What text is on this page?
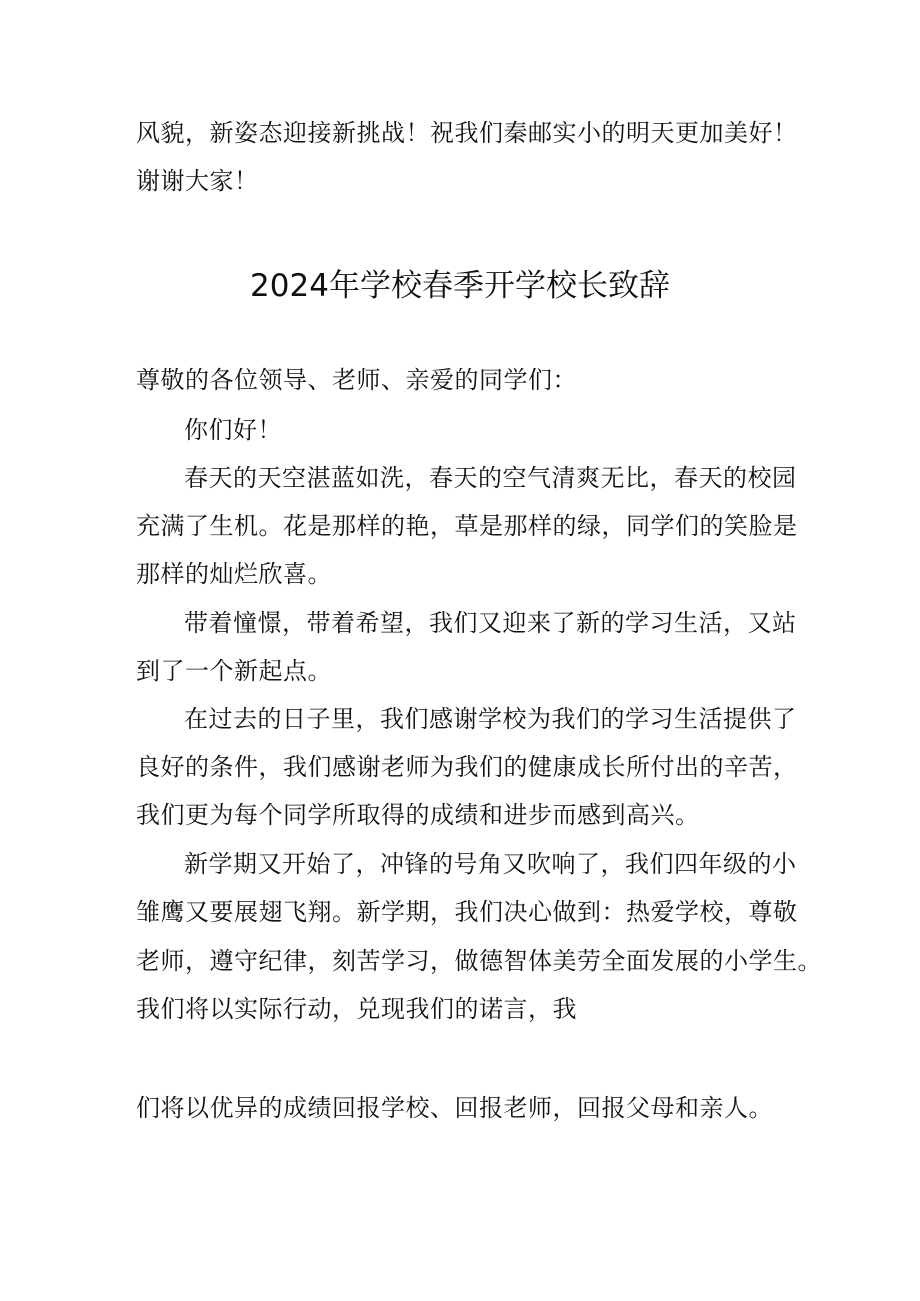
风貌，新姿态迎接新挑战！祝我们秦邮实小的明天更加美好！
谢谢大家！
2024年学校春季开学校长致辞
尊敬的各位领导、老师、亲爱的同学们：
你们好！
春天的天空湛蓝如洗，春天的空气清爽无比，春天的校园
充满了生机。花是那样的艳，草是那样的绿，同学们的笑脸是
那样的灿烂欣喜。
带着憧憬，带着希望，我们又迎来了新的学习生活，又站
到了一个新起点。
在过去的日子里，我们感谢学校为我们的学习生活提供了
良好的条件，我们感谢老师为我们的健康成长所付出的辛苦，
我们更为每个同学所取得的成绩和进步而感到高兴。
新学期又开始了，冲锋的号角又吹响了，我们四年级的小
雏鹰又要展翅飞翔。新学期，我们决心做到：热爱学校，尊敬
老师，遵守纪律，刻苦学习，做德智体美劳全面发展的小学生。
我们将以实际行动，兑现我们的诺言，我
们将以优异的成绩回报学校、回报老师，回报父母和亲人。
